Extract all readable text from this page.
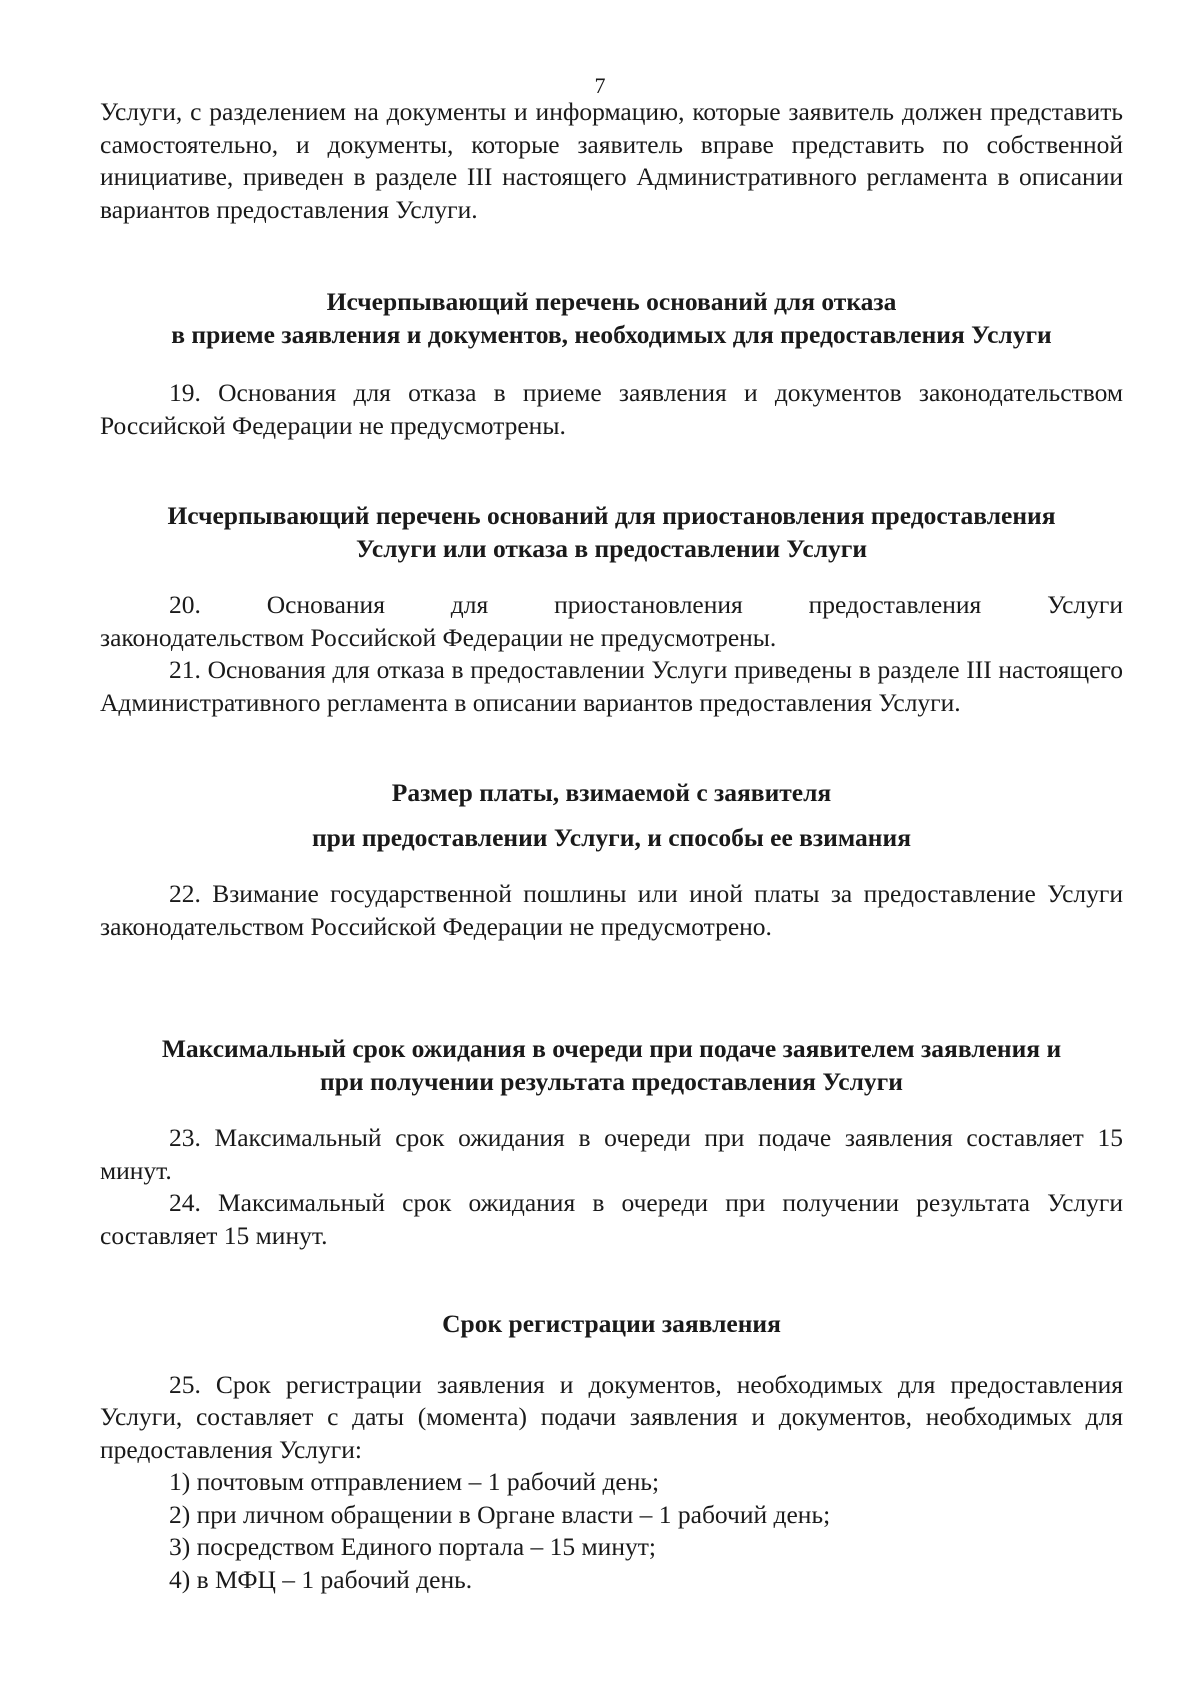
7

Услуги, с разделением на документы и информацию, которые заявитель должен представить самостоятельно, и документы, которые заявитель вправе представить по собственной инициативе, приведен в разделе III настоящего Административного регламента в описании вариантов предоставления Услуги.

Исчерпывающий перечень оснований для отказа
в приеме заявления и документов, необходимых для предоставления Услуги

19. Основания для отказа в приеме заявления и документов законодательством Российской Федерации не предусмотрены.

Исчерпывающий перечень оснований для приостановления предоставления
Услуги или отказа в предоставлении Услуги

20. Основания для приостановления предоставления Услуги

законодательством Российской Федерации не предусмотрены.

21. Основания для отказа в предоставлении Услуги приведены в разделе III настоящего Административного регламента в описании вариантов предоставления Услуги.

Размер платы, взимаемой с заявителя
при предоставлении Услуги, и способы ее взимания

22. Взимание государственной пошлины или иной платы за предоставление Услуги законодательством Российской Федерации не предусмотрено.

Максимальный срок ожидания в очереди при подаче заявителем заявления и
при получении результата предоставления Услуги

23. Максимальный срок ожидания в очереди при подаче заявления составляет 15 минут.

24. Максимальный срок ожидания в очереди при получении результата Услуги составляет 15 минут.

Срок регистрации заявления

25. Срок регистрации заявления и документов, необходимых для предоставления Услуги, составляет с даты (момента) подачи заявления и документов, необходимых для предоставления Услуги:

1) почтовым отправлением – 1 рабочий день;
2) при личном обращении в Органе власти – 1 рабочий день;
3) посредством Единого портала – 15 минут;
4) в МФЦ – 1 рабочий день.
